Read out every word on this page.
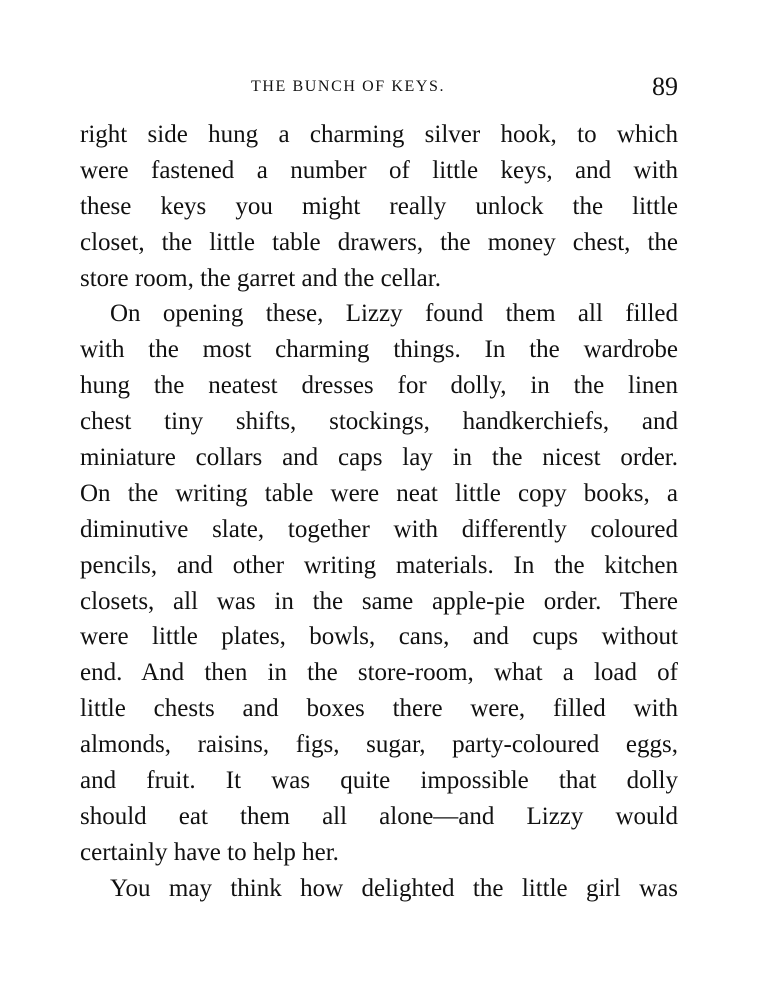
THE BUNCH OF KEYS.	89
right side hung a charming silver hook, to which
were fastened a number of little keys, and with
these keys you might really unlock the little
closet, the little table drawers, the money chest, the
store room, the garret and the cellar.
On opening these, Lizzy found them all filled
with the most charming things. In the wardrobe
hung the neatest dresses for dolly, in the linen
chest tiny shifts, stockings, handkerchiefs, and
miniature collars and caps lay in the nicest order.
On the writing table were neat little copy books, a
diminutive slate, together with differently coloured
pencils, and other writing materials. In the kitchen
closets, all was in the same apple-pie order. There
were little plates, bowls, cans, and cups without
end. And then in the store-room, what a load of
little chests and boxes there were, filled with
almonds, raisins, figs, sugar, party-coloured eggs,
and fruit. It was quite impossible that dolly
should eat them all alone—and Lizzy would
certainly have to help her.
You may think how delighted the little girl was
